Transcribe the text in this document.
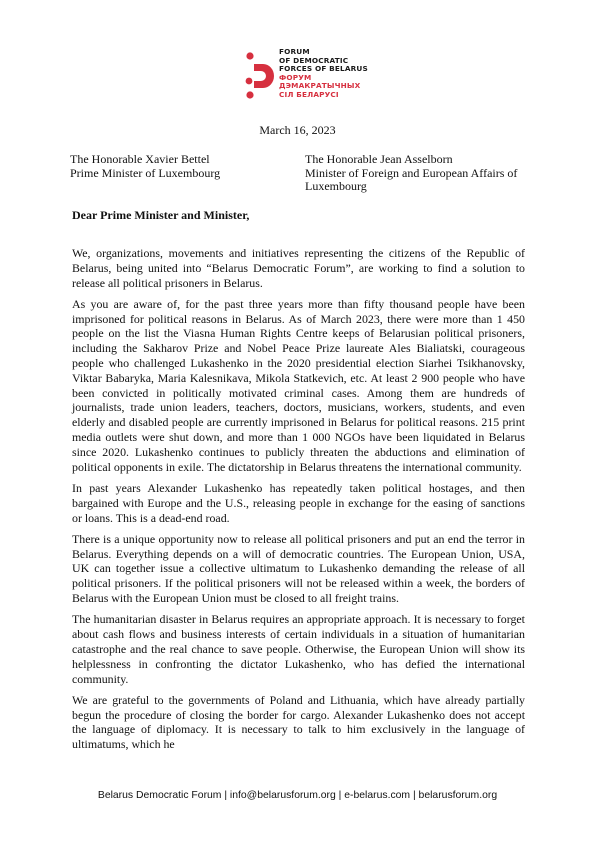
FORUM
OF DEMOCRATIC
FORCES OF BELARUS
ФОРУМ
ДЭМАКРАТЫЧНЫХ
СІЛ БЕЛАРУСІ
March 16, 2023
The Honorable Xavier Bettel
Prime Minister of Luxembourg
The Honorable Jean Asselborn
Minister of Foreign and European Affairs of
Luxembourg
Dear Prime Minister and Minister,

We, organizations, movements and initiatives representing the citizens of the Republic of Belarus, being united into “Belarus Democratic Forum”, are working to find a solution to release all political prisoners in Belarus.

As you are aware of, for the past three years more than fifty thousand people have been imprisoned for political reasons in Belarus. As of March 2023, there were more than 1 450 people on the list the Viasna Human Rights Centre keeps of Belarusian political prisoners, including the Sakharov Prize and Nobel Peace Prize laureate Ales Bialiatski, courageous people who challenged Lukashenko in the 2020 presidential election Siarhei Tsikhanovsky, Viktar Babaryka, Maria Kalesnikava, Mikola Statkevich, etc. At least 2 900 people who have been convicted in politically motivated criminal cases. Among them are hundreds of journalists, trade union leaders, teachers, doctors, musicians, workers, students, and even elderly and disabled people are currently imprisoned in Belarus for political reasons. 215 print media outlets were shut down, and more than 1 000 NGOs have been liquidated in Belarus since 2020. Lukashenko continues to publicly threaten the abductions and elimination of political opponents in exile. The dictatorship in Belarus threatens the international community.

In past years Alexander Lukashenko has repeatedly taken political hostages, and then bargained with Europe and the U.S., releasing people in exchange for the easing of sanctions or loans. This is a dead-end road.

There is a unique opportunity now to release all political prisoners and put an end the terror in Belarus. Everything depends on a will of democratic countries. The European Union, USA, UK can together issue a collective ultimatum to Lukashenko demanding the release of all political prisoners. If the political prisoners will not be released within a week, the borders of Belarus with the European Union must be closed to all freight trains.

The humanitarian disaster in Belarus requires an appropriate approach. It is necessary to forget about cash flows and business interests of certain individuals in a situation of humanitarian catastrophe and the real chance to save people. Otherwise, the European Union will show its helplessness in confronting the dictator Lukashenko, who has defied the international community.

We are grateful to the governments of Poland and Lithuania, which have already partially begun the procedure of closing the border for cargo. Alexander Lukashenko does not accept the language of diplomacy. It is necessary to talk to him exclusively in the language of ultimatums, which he

Belarus Democratic Forum | info@belarusforum.org | e-belarus.com | belarusforum.org
